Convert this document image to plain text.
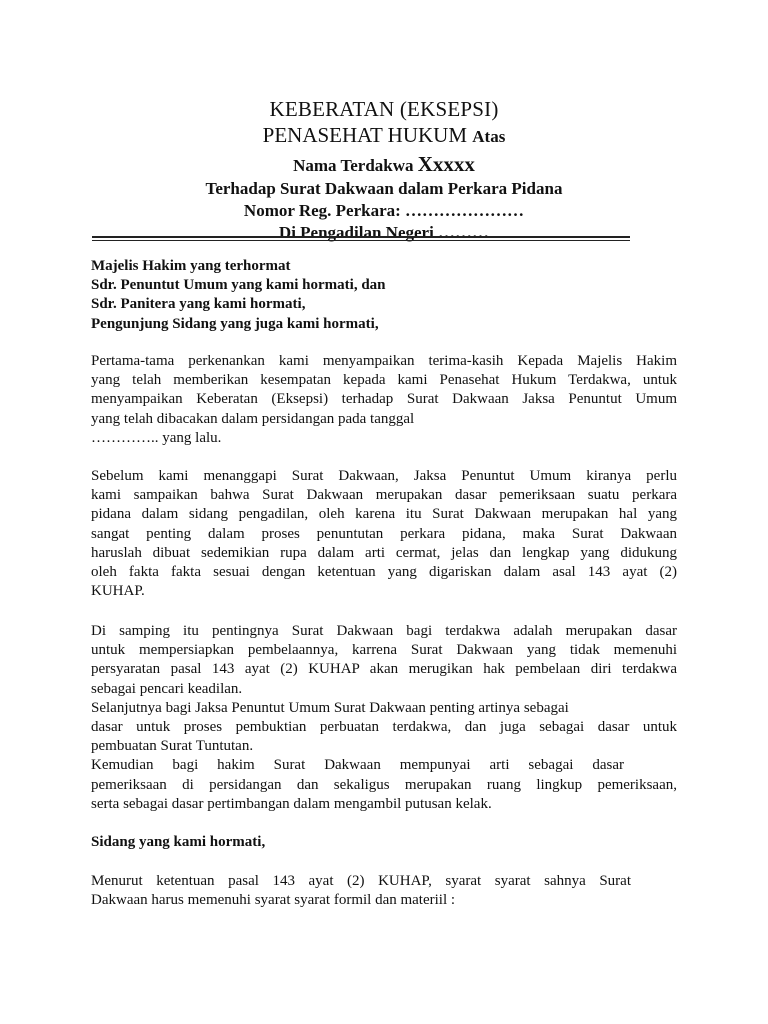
KEBERATAN (EKSEPSI)
PENASEHAT HUKUM Atas
Nama Terdakwa Xxxxx
Terhadap Surat Dakwaan dalam Perkara Pidana
Nomor Reg. Perkara: …………………
Di Pengadilan Negeri ………
Majelis Hakim yang terhormat
Sdr. Penuntut Umum yang kami hormati, dan
Sdr. Panitera yang kami hormati,
Pengunjung Sidang yang juga kami hormati,
Pertama-tama perkenankan kami menyampaikan terima-kasih Kepada Majelis Hakim
yang telah memberikan kesempatan kepada kami Penasehat Hukum Terdakwa, untuk
menyampaikan Keberatan (Eksepsi) terhadap Surat Dakwaan Jaksa Penuntut Umum
yang telah dibacakan dalam persidangan pada tanggal
………….. yang lalu.
Sebelum kami menanggapi Surat Dakwaan, Jaksa Penuntut Umum kiranya perlu
kami sampaikan bahwa Surat Dakwaan merupakan dasar pemeriksaan suatu perkara
pidana dalam sidang pengadilan, oleh karena itu Surat Dakwaan merupakan hal yang
sangat penting dalam proses penuntutan perkara pidana, maka Surat Dakwaan
haruslah dibuat sedemikian rupa dalam arti cermat, jelas dan lengkap yang didukung
oleh fakta fakta sesuai dengan ketentuan yang digariskan dalam asal 143 ayat (2)
KUHAP.
Di samping itu pentingnya Surat Dakwaan bagi terdakwa adalah merupakan dasar
untuk mempersiapkan pembelaannya, karrena Surat Dakwaan yang tidak memenuhi
persyaratan pasal 143 ayat (2) KUHAP akan merugikan hak pembelaan diri terdakwa
sebagai pencari keadilan.
Selanjutnya bagi Jaksa Penuntut Umum Surat Dakwaan penting artinya sebagai
dasar untuk proses pembuktian perbuatan terdakwa, dan juga sebagai dasar untuk
pembuatan Surat Tuntutan.
Kemudian bagi hakim Surat Dakwaan mempunyai arti sebagai dasar
pemeriksaan di persidangan dan sekaligus merupakan ruang lingkup pemeriksaan,
serta sebagai dasar pertimbangan dalam mengambil putusan kelak.
Sidang yang kami hormati,
Menurut ketentuan pasal 143 ayat (2) KUHAP, syarat syarat sahnya Surat
Dakwaan harus memenuhi syarat syarat formil dan materiil :
